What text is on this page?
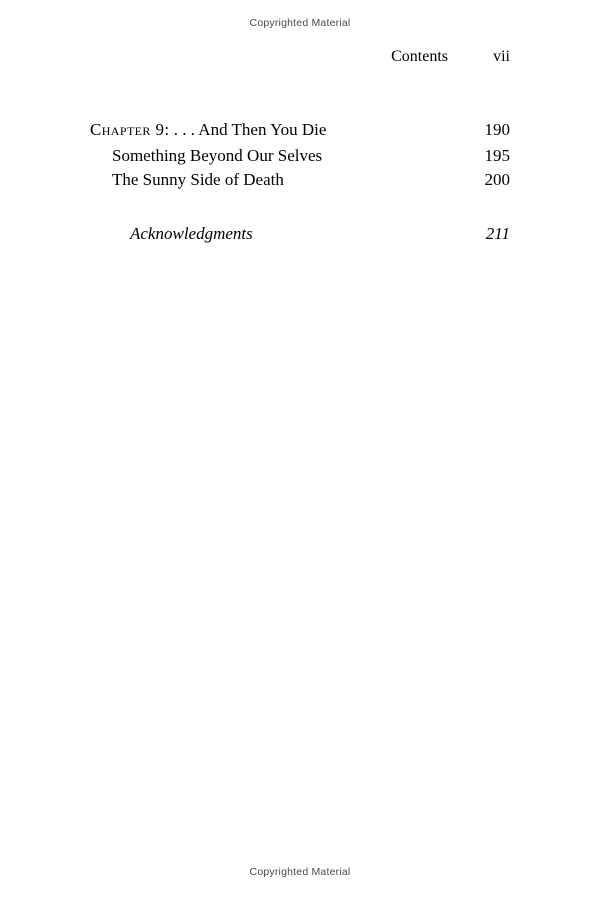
Copyrighted Material
Contents	vii
Chapter 9: . . . And Then You Die	190
Something Beyond Our Selves	195
The Sunny Side of Death	200
Acknowledgments	211
Copyrighted Material
